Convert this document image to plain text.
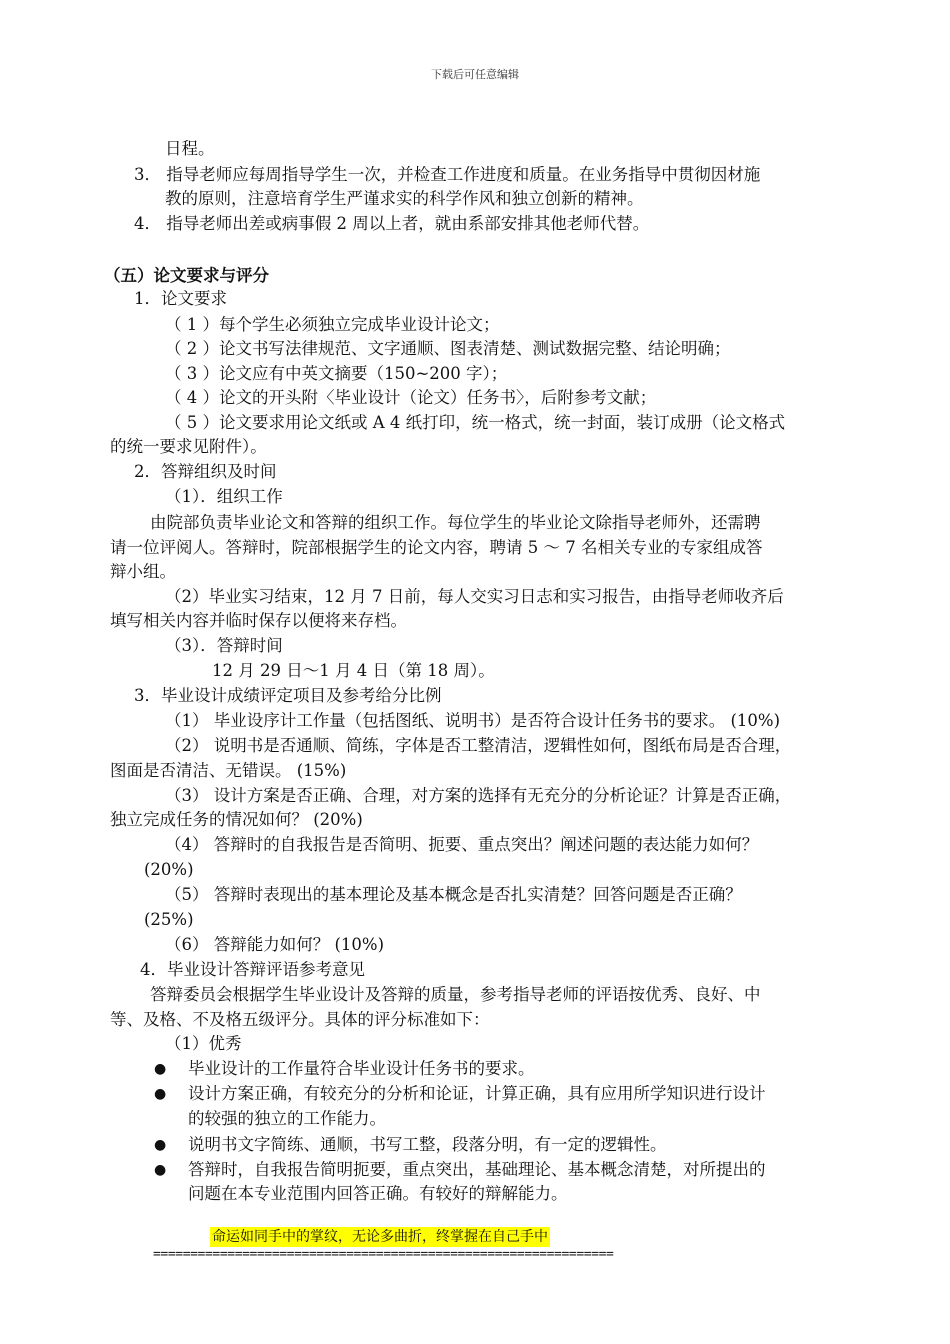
下载后可任意编辑
日程。
3． 指导老师应每周指导学生一次，并检查工作进度和质量。在业务指导中贯彻因材施
教的原则，注意培育学生严谨求实的科学作风和独立创新的精神。
4． 指导老师出差或病事假 2 周以上者，就由系部安排其他老师代替。
（五）论文要求与评分
1．论文要求
（ 1 ）每个学生必须独立完成毕业设计论文；
（ 2 ）论文书写法律规范、文字通顺、图表清楚、测试数据完整、结论明确；
（ 3 ）论文应有中英文摘要（150~200 字）；
（ 4 ）论文的开头附〈毕业设计（论文）任务书〉，后附参考文献；
（ 5 ）论文要求用论文纸或 A 4 纸打印，统一格式，统一封面，装订成册（论文格式
的统一要求见附件）。
2．答辩组织及时间
（1）．组织工作
由院部负责毕业论文和答辩的组织工作。每位学生的毕业论文除指导老师外，还需聘
请一位评阅人。答辩时，院部根据学生的论文内容，聘请 5 ～ 7 名相关专业的专家组成答
辩小组。
（2）毕业实习结束，12 月 7 日前，每人交实习日志和实习报告，由指导老师收齐后
填写相关内容并临时保存以便将来存档。
（3）．答辩时间
12 月 29 日～1 月 4 日（第 18 周）。
3．毕业设计成绩评定项目及参考给分比例
（1） 毕业设序计工作量（包括图纸、说明书）是否符合设计任务书的要求。 (10%)
（2） 说明书是否通顺、简练，字体是否工整清洁，逻辑性如何，图纸布局是否合理，
图面是否清洁、无错误。 (15%)
（3） 设计方案是否正确、合理，对方案的选择有无充分的分析论证？计算是否正确，
独立完成任务的情况如何？ (20%)
（4） 答辩时的自我报告是否简明、扼要、重点突出？阐述问题的表达能力如何？
(20%)
（5） 答辩时表现出的基本理论及基本概念是否扎实清楚？回答问题是否正确？
(25%)
（6） 答辩能力如何？ (10%)
4．毕业设计答辩评语参考意见
答辩委员会根据学生毕业设计及答辩的质量，参考指导老师的评语按优秀、良好、中
等、及格、不及格五级评分。具体的评分标准如下：
（1）优秀
● 毕业设计的工作量符合毕业设计任务书的要求。
● 设计方案正确，有较充分的分析和论证，计算正确，具有应用所学知识进行设计
的较强的独立的工作能力。
● 说明书文字简练、通顺，书写工整，段落分明，有一定的逻辑性。
● 答辩时，自我报告简明扼要，重点突出，基础理论、基本概念清楚，对所提出的
问题在本专业范围内回答正确。有较好的辩解能力。
命运如同手中的掌纹，无论多曲折，终掌握在自己手中
==============================================================
